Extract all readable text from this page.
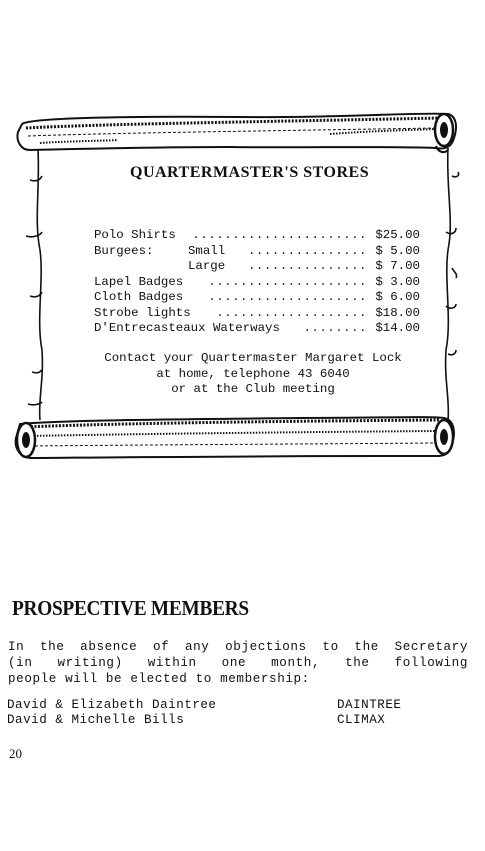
QUARTERMASTER'S STORES
Polo Shirts	...................... $25.00
Burgees:	Small	............... $ 5.00
Large	............... $ 7.00
Lapel Badges	.................... $ 3.00
Cloth Badges	.................... $ 6.00
Strobe lights	................... $18.00
D'Entrecasteaux Waterways	........ $14.00
Contact your Quartermaster Margaret Lock
at home, telephone 43 6040
or at the Club meeting
PROSPECTIVE MEMBERS
In the absence of any objections to the Secretary
(in writing) within one month, the following
people will be elected to membership:
David & Elizabeth Daintree	DAINTREE
David & Michelle Bills	CLIMAX
20
